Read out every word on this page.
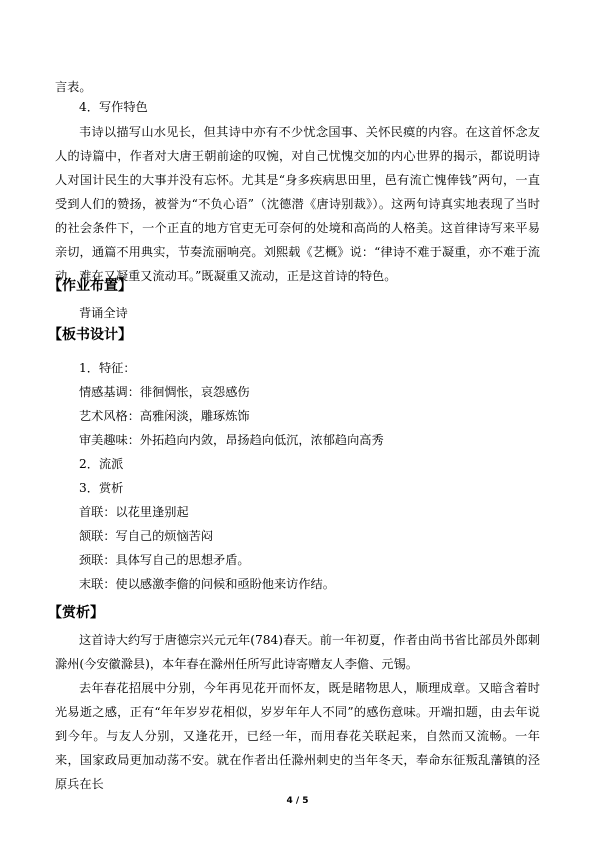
言表。

4．写作特色

韦诗以描写山水见长，但其诗中亦有不少忧念国事、关怀民瘼的内容。在这首怀念友人的诗篇中，作者对大唐王朝前途的叹惋，对自己忧愧交加的内心世界的揭示，都说明诗人对国计民生的大事并没有忘怀。尤其是“身多疾病思田里，邑有流亡愧俸钱”两句，一直受到人们的赞扬，被誉为“不负心语”（沈德潜《唐诗别裁》）。这两句诗真实地表现了当时的社会条件下，一个正直的地方官吏无可奈何的处境和高尚的人格美。这首律诗写来平易亲切，通篇不用典实，节奏流丽响亮。刘熙载《艺概》说：“律诗不难于凝重，亦不难于流动，难在又凝重又流动耳。”既凝重又流动，正是这首诗的特色。

【作业布置】

背诵全诗

【板书设计】

1．特征：

情感基调：徘徊惆怅，哀怨感伤

艺术风格：高雅闲淡，雕琢炼饰

审美趣味：外拓趋向内敛，昂扬趋向低沉，浓郁趋向高秀

2．流派

3．赏析

首联：以花里逢别起

颔联：写自己的烦恼苦闷

颈联：具体写自己的思想矛盾。

末联：使以感激李儋的问候和亟盼他来访作结。

【赏析】

这首诗大约写于唐德宗兴元元年(784)春天。前一年初夏，作者由尚书省比部员外郎刺滁州(今安徽滁县)，本年春在滁州任所写此诗寄赠友人李儋、元锡。

去年春花招展中分别，今年再见花开而怀友，既是睹物思人，顺理成章。又暗含着时光易逝之感，正有“年年岁岁花相似，岁岁年年人不同”的感伤意味。开端扣题，由去年说到今年。与友人分别，又逢花开，已经一年，而用春花关联起来，自然而又流畅。一年来，国家政局更加动荡不安。就在作者出任滁州刺史的当年冬天，奉命东征叛乱藩镇的泾原兵在长

4 / 5
